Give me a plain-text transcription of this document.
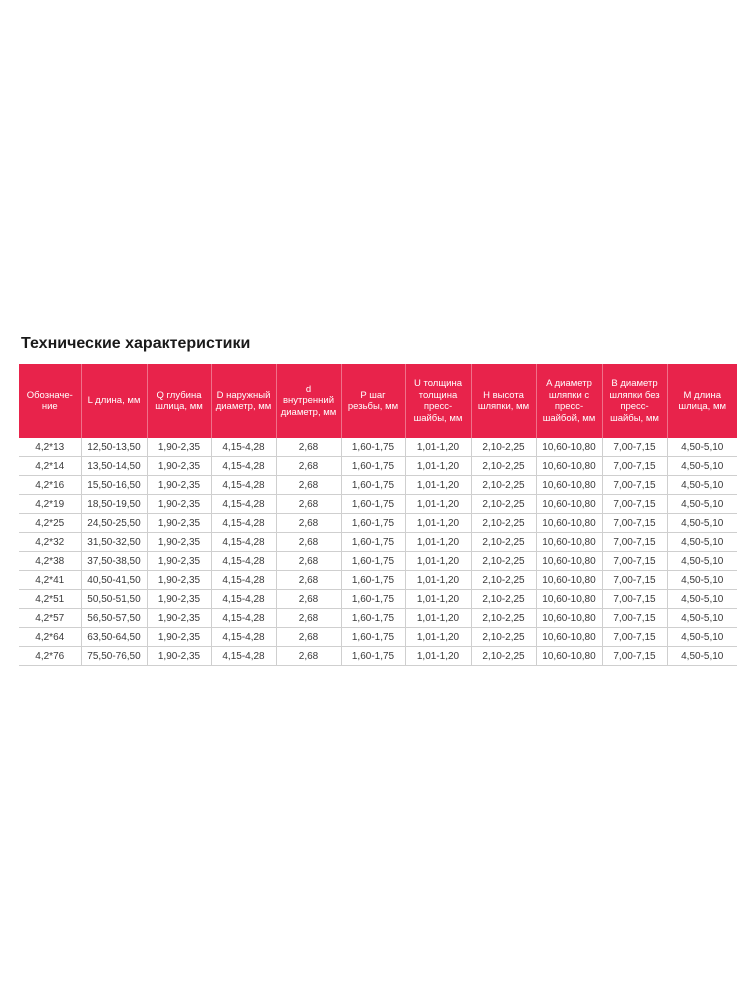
Технические характеристики
Обозначе-
ние	L длина, мм	Q глубина шлица, мм	D наружный диаметр, мм	d внутренний диаметр, мм	P шаг резьбы, мм	U толщина толщина пресс-шайбы, мм	H высота шляпки, мм	A диаметр шляпки с пресс-шайбой, мм	B диаметр шляпки без пресс-шайбы, мм	M длина шлица, мм
4,2*13	12,50-13,50	1,90-2,35	4,15-4,28	2,68	1,60-1,75	1,01-1,20	2,10-2,25	10,60-10,80	7,00-7,15	4,50-5,10
4,2*14	13,50-14,50	1,90-2,35	4,15-4,28	2,68	1,60-1,75	1,01-1,20	2,10-2,25	10,60-10,80	7,00-7,15	4,50-5,10
4,2*16	15,50-16,50	1,90-2,35	4,15-4,28	2,68	1,60-1,75	1,01-1,20	2,10-2,25	10,60-10,80	7,00-7,15	4,50-5,10
4,2*19	18,50-19,50	1,90-2,35	4,15-4,28	2,68	1,60-1,75	1,01-1,20	2,10-2,25	10,60-10,80	7,00-7,15	4,50-5,10
4,2*25	24,50-25,50	1,90-2,35	4,15-4,28	2,68	1,60-1,75	1,01-1,20	2,10-2,25	10,60-10,80	7,00-7,15	4,50-5,10
4,2*32	31,50-32,50	1,90-2,35	4,15-4,28	2,68	1,60-1,75	1,01-1,20	2,10-2,25	10,60-10,80	7,00-7,15	4,50-5,10
4,2*38	37,50-38,50	1,90-2,35	4,15-4,28	2,68	1,60-1,75	1,01-1,20	2,10-2,25	10,60-10,80	7,00-7,15	4,50-5,10
4,2*41	40,50-41,50	1,90-2,35	4,15-4,28	2,68	1,60-1,75	1,01-1,20	2,10-2,25	10,60-10,80	7,00-7,15	4,50-5,10
4,2*51	50,50-51,50	1,90-2,35	4,15-4,28	2,68	1,60-1,75	1,01-1,20	2,10-2,25	10,60-10,80	7,00-7,15	4,50-5,10
4,2*57	56,50-57,50	1,90-2,35	4,15-4,28	2,68	1,60-1,75	1,01-1,20	2,10-2,25	10,60-10,80	7,00-7,15	4,50-5,10
4,2*64	63,50-64,50	1,90-2,35	4,15-4,28	2,68	1,60-1,75	1,01-1,20	2,10-2,25	10,60-10,80	7,00-7,15	4,50-5,10
4,2*76	75,50-76,50	1,90-2,35	4,15-4,28	2,68	1,60-1,75	1,01-1,20	2,10-2,25	10,60-10,80	7,00-7,15	4,50-5,10
